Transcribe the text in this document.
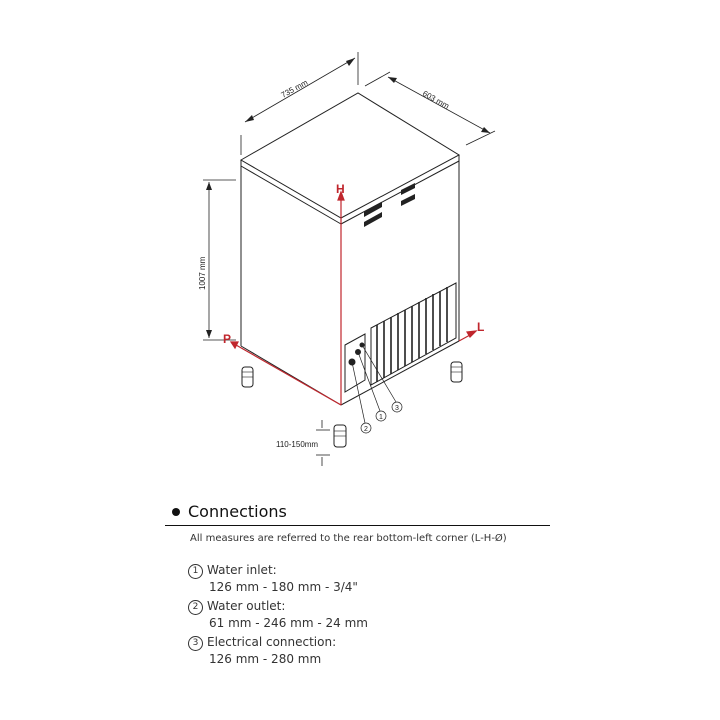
735 mm
603 mm
1007 mm
110-150mm
H
L
P
3
1
2
Connections
All measures are referred to the rear bottom-left corner (L-H-Ø)
1 Water inlet:
126 mm - 180 mm - 3/4"
2 Water outlet:
61 mm - 246 mm - 24 mm
3 Electrical connection:
126 mm - 280 mm
